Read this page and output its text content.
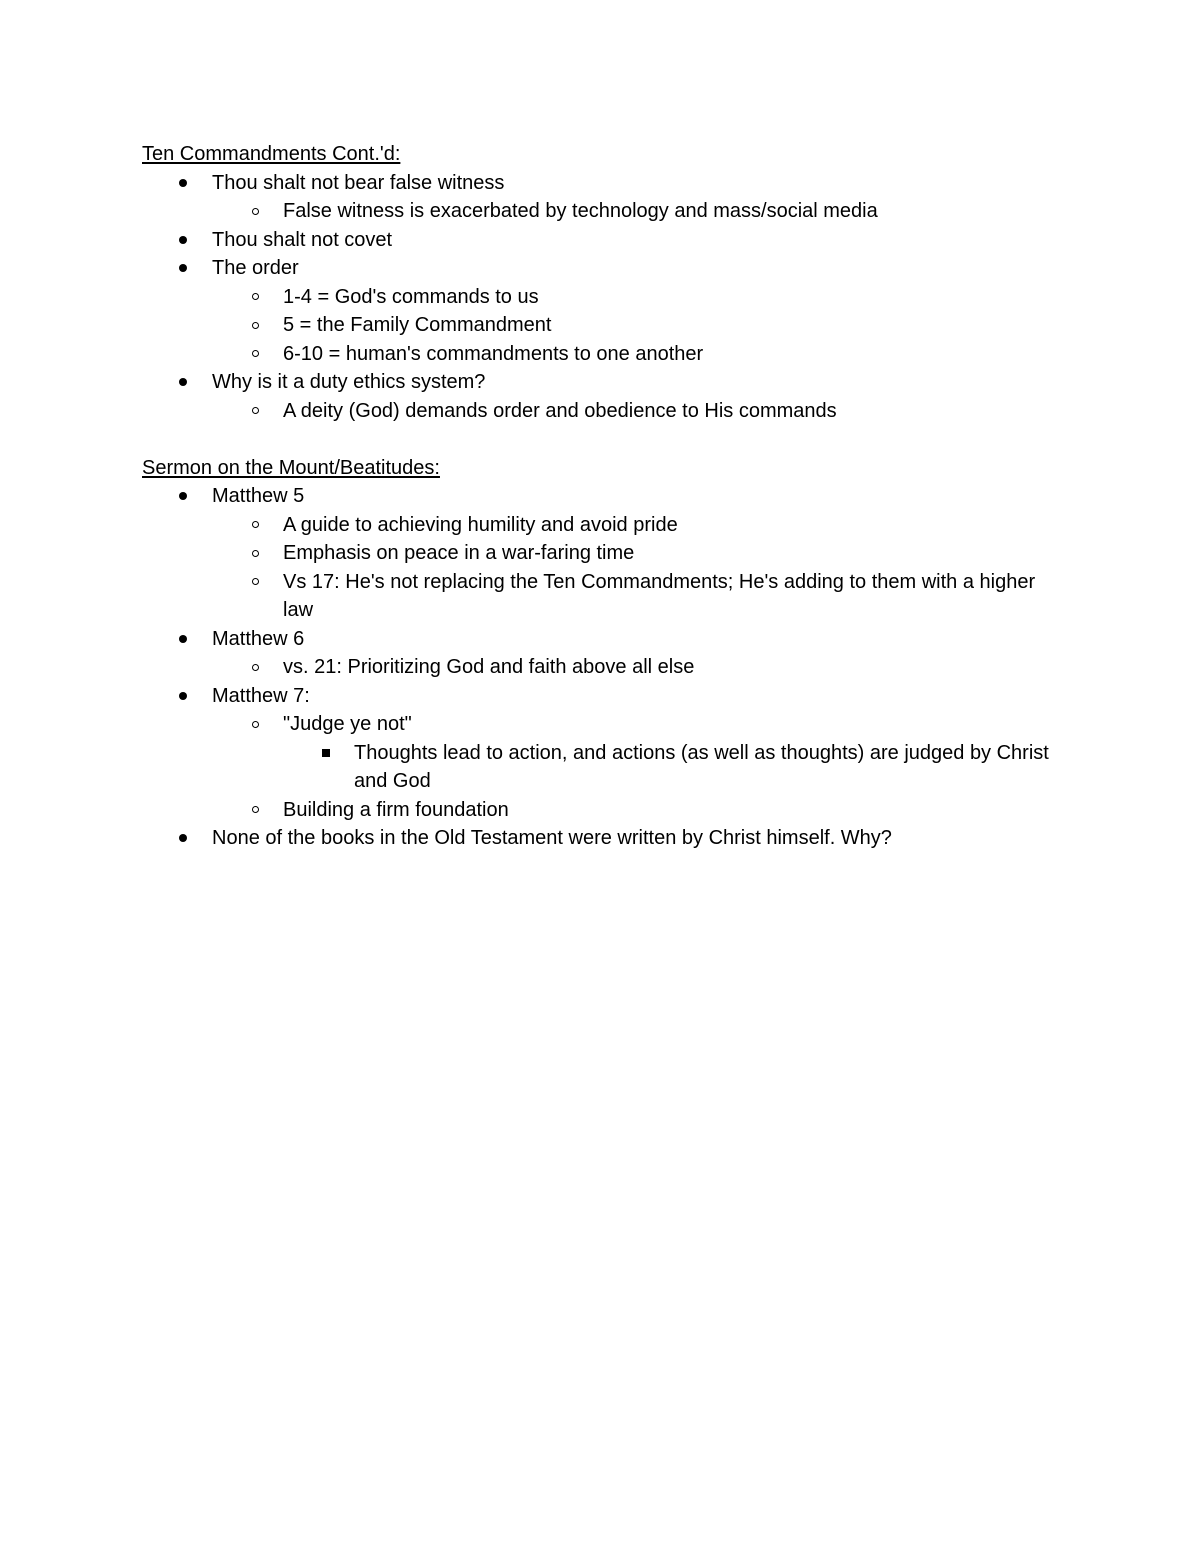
Ten Commandments Cont.'d:
Thou shalt not bear false witness
False witness is exacerbated by technology and mass/social media
Thou shalt not covet
The order
1-4 = God's commands to us
5 = the Family Commandment
6-10 = human's commandments to one another
Why is it a duty ethics system?
A deity (God) demands order and obedience to His commands
Sermon on the Mount/Beatitudes:
Matthew 5
A guide to achieving humility and avoid pride
Emphasis on peace in a war-faring time
Vs 17: He's not replacing the Ten Commandments; He's adding to them with a higher law
Matthew 6
vs. 21: Prioritizing God and faith above all else
Matthew 7:
"Judge ye not"
Thoughts lead to action, and actions (as well as thoughts) are judged by Christ and God
Building a firm foundation
None of the books in the Old Testament were written by Christ himself. Why?
